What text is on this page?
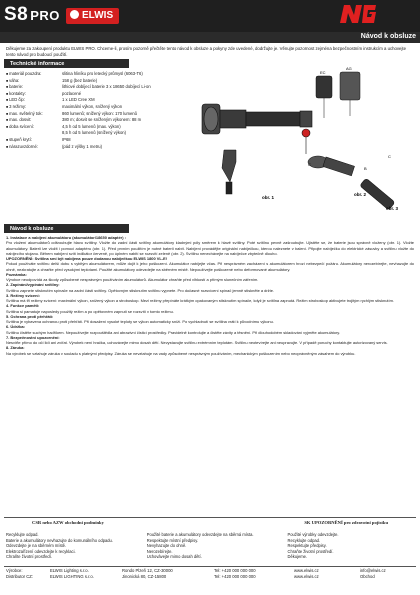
S8 PRO	ELWIS
Návod k obsluze
Děkujeme za zakoupení produktu ELWIS PRO. Chceme-li, prosím pozorně přečtěte tento návod k obsluze a pokyny zde uvedené, dodržujte je. Věnujte pozornost zejména bezpečnostním instrukcím a uchovejte tento návod pro budoucí použití.
Technické informace
■ materiál pouzdra:	slitina hliníku pro letecký průmysl (6063-T6)
■ váha:	158 g (bez baterie)
■ baterie:	lithiové dobíjecí baterie 3 x 18650 dobíjecí Li-on
■ kontakty:	pozlacené
■ LED čip:	1 x LED Cree XM
■ 3 režimy:	maximální výkon, snížený výkon
■ max. světelný tok:	860 lumenů; snížený výkon: 170 lumenů
■ max. dosvit:	380 m; dosvit se sníženým výkonem: 88 m
■ doba svícení:	4,5 h od 5 lumenů (max. výkon)
8,5 h od 5 lumenů (snížený výkon)
■ stupeň krytí:	IP68
■ nárazuvzdorné:	(pád z výšky 1 metru)
obr. 1
obr. 2
obr. 3
EC
AG
C
B
C
Návod k obsluze
1. Instalace a nabíjení akumulátoru (akumulátor/18650 adaptér) :
Pro vložení akumulátorů odšroubujte hlavu svítilny. Vložte do zadní části svítilny akumulátory kladnými póly směrem k hlavě svítilny. Poté svítilnu pevně zašroubujte. Ujistěte se, že baterie jsou správně vloženy (obr. 1). Vložte akumulátory. Baterii lze vložit i pomocí adaptéru (obr. 1). Před prvním použitím je nutné baterii nabít. Nabíjení provádějte originální nabíječkou, kterou naleznete v balení. Připojte nabíječku do elektrické zásuvky a svítilnu vložte do nabíjecího stojanu. Během nabíjení svítí indikátor červeně, po úplném nabití se rozsvítí zeleně (obr. 2). Svítilnu nenechávejte na nabíječce zbytečně dlouho.
UPOZORNĚNÍ: Svítilna smí být nabíjena pouze dodanou nabíječkou ELWIS 1800 VL-E!
Pokud používáte svítilnu delší dobu s vybitým akumulátorem, může dojít k jeho poškození. Akumulátor nabíjejte včas. Při nesprávném zacházení s akumulátorem hrozí nebezpečí požáru. Akumulátory nerozebírejte, nevhazujte do ohně, nezkratujte a chraňte před vysokými teplotami. Použité akumulátory odevzdejte na sběrném místě. Nepoužívejte poškozené nebo deformované akumulátory.
Poznámka:
Výrobce neodpovídá za škody způsobené nesprávným používáním akumulátorů. Akumulátor chraňte před vlhkostí a přímým slunečním zářením.
2. Zapínání/vypínání svítilny:
Svítilnu zapnete stisknutím spínače na zadní části svítilny. Opětovným stisknutím svítilnu vypnete. Pro dočasné rozsvícení spínač jemně stiskněte a držte.
3. Režimy svícení:
Svítilna má tři režimy svícení: maximální výkon, snížený výkon a stroboskop. Mezi režimy přepínáte krátkým opakovaným stisknutím spínače, když je svítilna zapnutá. Režim stroboskop aktivujete trojitým rychlým stisknutím.
4. Funkce paměti:
Svítilna si pamatuje naposledy použitý režim a po opětovném zapnutí se rozsvítí v tomto režimu.
5. Ochrana proti přehřátí:
Svítilna je vybavena ochranou proti přehřátí. Při dosažení vysoké teploty se výkon automaticky sníží. Po vychladnutí se svítilna vrátí k původnímu výkonu.
6. Údržba:
Svítilnu čistěte suchým hadříkem. Nepoužívejte rozpouštědla ani abrazivní čisticí prostředky. Pravidelně kontrolujte a čistěte závity a těsnění. Při dlouhodobém skladování vyjměte akumulátory.
7. Bezpečnostní upozornění:
Nesviťte přímo do očí lidí ani zvířat. Výrobek není hračka, uchovávejte mimo dosah dětí. Nevystavujte svítilnu extrémním teplotám. Svítilnu neotevírejte ani neupravujte. V případě poruchy kontaktujte autorizovaný servis.
8. Záruka:
Na výrobek se vztahuje záruka v souladu s platnými předpisy. Záruka se nevztahuje na vady způsobené nesprávným používáním, mechanickým poškozením nebo neoprávněným zásahem do výrobku.
CSR nebo AZW obchodní podmínky	SK UPOZORNĚNÍ pro zdravotní pojistku
Recyklujte odpad.
Baterie a akumulátory nevhazujte do komunálního odpadu.
Odevzdejte je na sběrném místě.
Elektrozařízení odevzdejte k recyklaci.
Chraňte životní prostředí.
Použité baterie a akumulátory odevzdejte na sběrná místa.
Respektujte místní předpisy.
Nevyhazujte do ohně.
Nerozebírejte.
Uchovávejte mimo dosah dětí.
Použité výrobky odevzdejte.
Recyklujte odpad.
Respektujte předpisy.
Chraňte životní prostředí.
Děkujeme.
Výrobce:	ELWIS Lighting s.r.o.	Rondo Plzeň 12, CZ-30000	Tel: +420 000 000 000	www.elwis.cz	info@elwis.cz
Distributor CZ:	ELWIS LIGHTING s.r.o.	Jinonická 80, CZ-15800	Tel: +420 000 000 000	www.elwis.cz	Obchod
